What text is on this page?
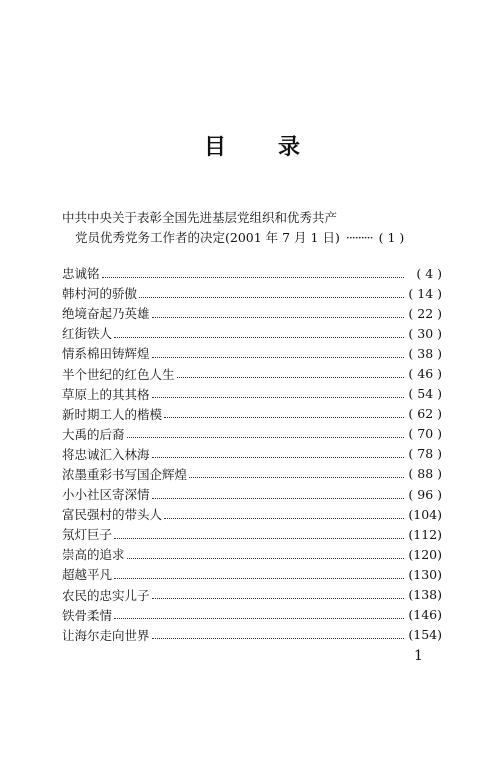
目 录
中共中央关于表彰全国先进基层党组织和优秀共产
党员优秀党务工作者的决定(2001 年 7 月 1 日) ········· ( 1 )
忠诚铭	( 4 )
韩村河的骄傲	( 14 )
绝境奋起乃英雄	( 22 )
红街铁人	( 30 )
情系棉田铸辉煌	( 38 )
半个世纪的红色人生	( 46 )
草原上的其其格	( 54 )
新时期工人的楷模	( 62 )
大禹的后裔	( 70 )
将忠诚汇入林海	( 78 )
浓墨重彩书写国企辉煌	( 88 )
小小社区寄深情	( 96 )
富民强村的带头人	(104)
氖灯巨子	(112)
崇高的追求	(120)
超越平凡	(130)
农民的忠实儿子	(138)
铁骨柔情	(146)
让海尔走向世界	(154)
1
